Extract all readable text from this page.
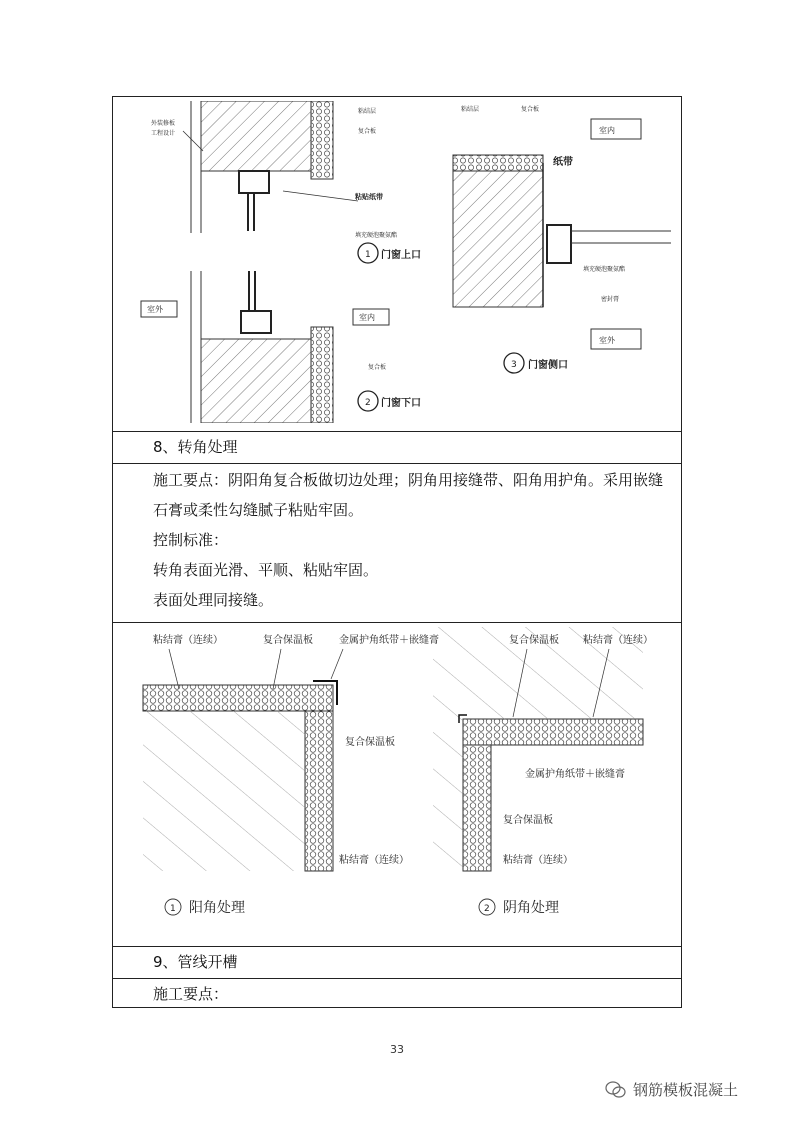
外装修板
工程设计
粘结层
复合板
粘贴纸带
填充硬泡聚氨酯
1 门窗上口
室外
室内
复合板
2 门窗下口
粘结层	复合板
室内
纸带
填充硬泡聚氨酯
密封膏
室外
3 门窗侧口
8、转角处理
施工要点：阴阳角复合板做切边处理；阴角用接缝带、阳角用护角。采用嵌缝石膏或柔性勾缝腻子粘贴牢固。
控制标准：
转角表面光滑、平顺、粘贴牢固。
表面处理同接缝。
粘结膏（连续）	复合保温板	金属护角纸带＋嵌缝膏
复合保温板
粘结膏（连续）
复合保温板 粘结膏（连续）
金属护角纸带＋嵌缝膏
复合保温板
粘结膏（连续）
1 阳角处理	2 阴角处理
9、管线开槽
施工要点：
33
钢筋模板混凝土
